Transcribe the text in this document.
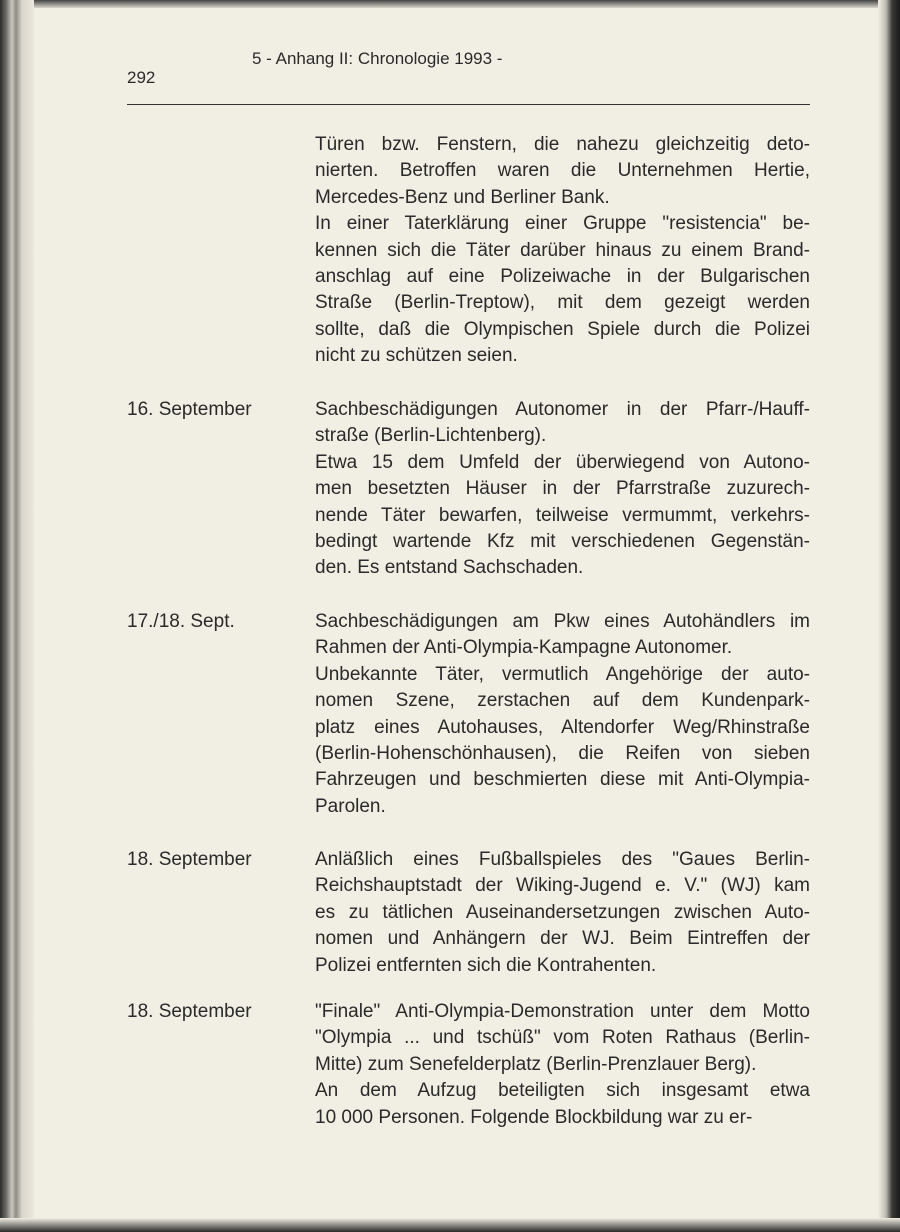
5 - Anhang II: Chronologie 1993 -
292
Türen bzw. Fenstern, die nahezu gleichzeitig deto-
nierten. Betroffen waren die Unternehmen Hertie,
Mercedes-Benz und Berliner Bank.
In einer Taterklärung einer Gruppe "resistencia" be-
kennen sich die Täter darüber hinaus zu einem Brand-
anschlag auf eine Polizeiwache in der Bulgarischen
Straße (Berlin-Treptow), mit dem gezeigt werden
sollte, daß die Olympischen Spiele durch die Polizei
nicht zu schützen seien.
16. September	Sachbeschädigungen Autonomer in der Pfarr-/Hauff-
straße (Berlin-Lichtenberg).
Etwa 15 dem Umfeld der überwiegend von Autono-
men besetzten Häuser in der Pfarrstraße zuzurech-
nende Täter bewarfen, teilweise vermummt, verkehrs-
bedingt wartende Kfz mit verschiedenen Gegenstän-
den. Es entstand Sachschaden.
17./18. Sept.	Sachbeschädigungen am Pkw eines Autohändlers im
Rahmen der Anti-Olympia-Kampagne Autonomer.
Unbekannte Täter, vermutlich Angehörige der auto-
nomen Szene, zerstachen auf dem Kundenpark-
platz eines Autohauses, Altendorfer Weg/Rhinstraße
(Berlin-Hohenschönhausen), die Reifen von sieben
Fahrzeugen und beschmierten diese mit Anti-Olympia-
Parolen.
18. September	Anläßlich eines Fußballspieles des "Gaues Berlin-
Reichshauptstadt der Wiking-Jugend e. V." (WJ) kam
es zu tätlichen Auseinandersetzungen zwischen Auto-
nomen und Anhängern der WJ. Beim Eintreffen der
Polizei entfernten sich die Kontrahenten.
18. September	"Finale" Anti-Olympia-Demonstration unter dem Motto
"Olympia ... und tschüß" vom Roten Rathaus (Berlin-
Mitte) zum Senefelderplatz (Berlin-Prenzlauer Berg).
An dem Aufzug beteiligten sich insgesamt etwa
10 000 Personen. Folgende Blockbildung war zu er-
